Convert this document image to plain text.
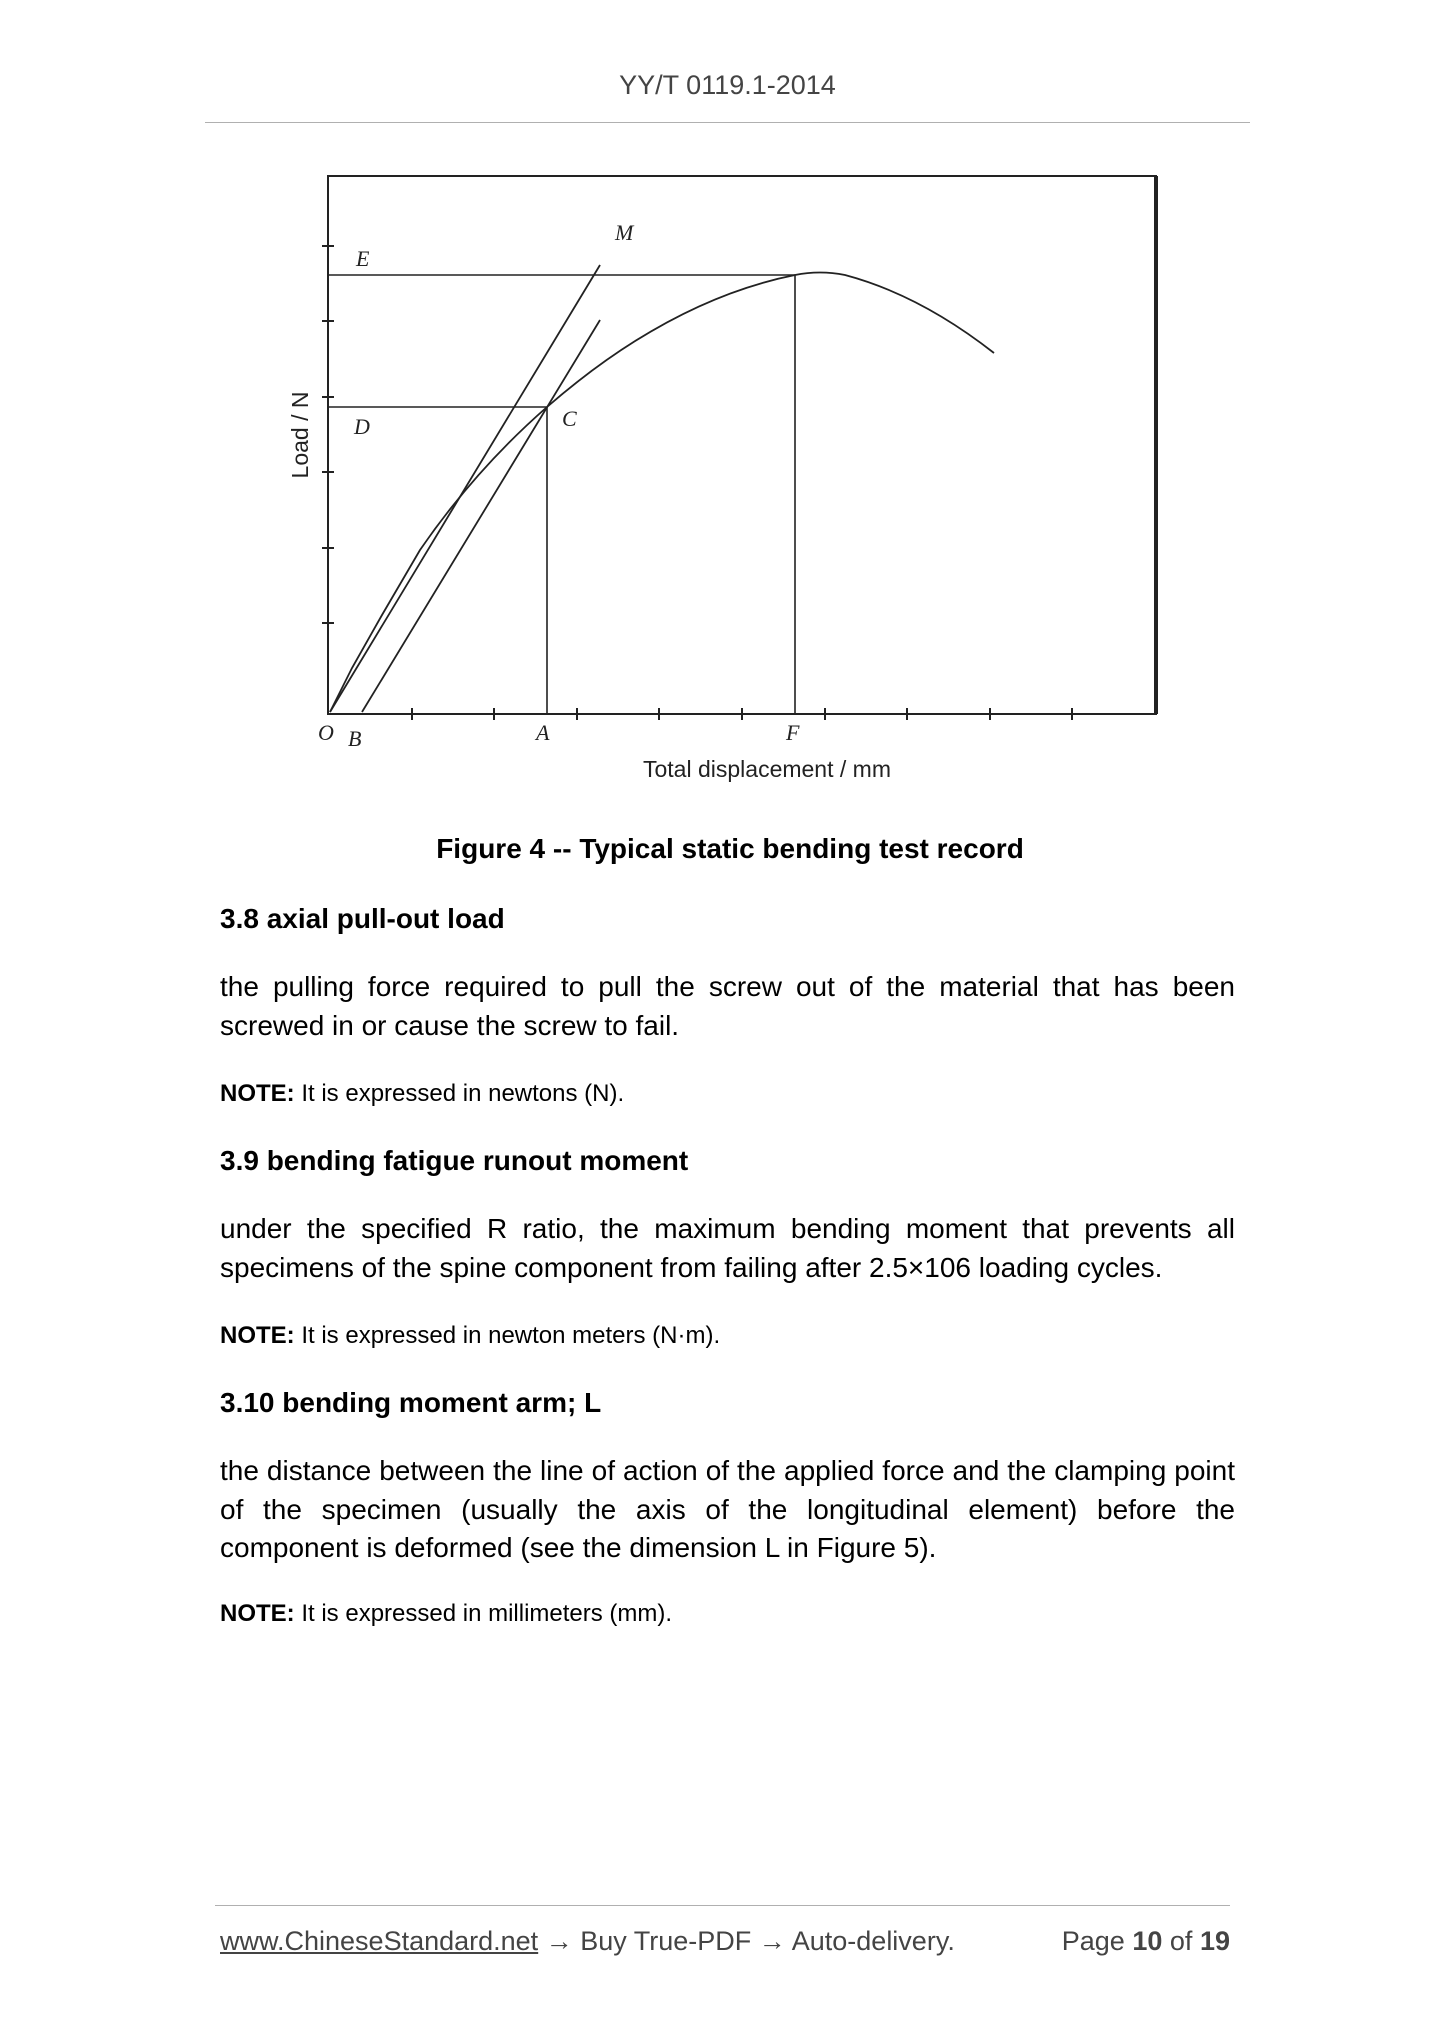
YY/T 0119.1-2014
E
M
D	C
O B	A	F
Load / N
Total displacement / mm
Figure 4 -- Typical static bending test record
3.8 axial pull-out load
the pulling force required to pull the screw out of the material that has been screwed in or cause the screw to fail.
NOTE: It is expressed in newtons (N).
3.9 bending fatigue runout moment
under the specified R ratio, the maximum bending moment that prevents all specimens of the spine component from failing after 2.5×106 loading cycles.
NOTE: It is expressed in newton meters (N·m).
3.10 bending moment arm; L
the distance between the line of action of the applied force and the clamping point of the specimen (usually the axis of the longitudinal element) before the component is deformed (see the dimension L in Figure 5).
NOTE: It is expressed in millimeters (mm).
www.ChineseStandard.net → Buy True-PDF → Auto-delivery.	Page 10 of 19
